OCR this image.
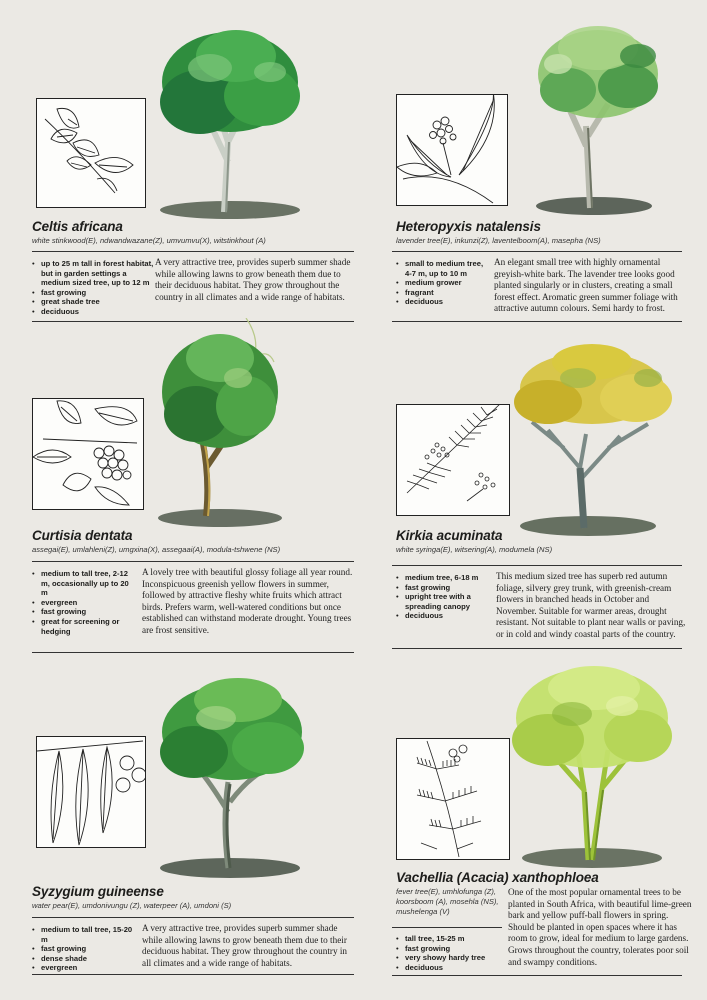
Celtis africana
white stinkwood(E), ndwandwazane(Z), umvumvu(X), witstinkhout (A)
• up to 25 m tall in forest habitat, but in garden settings a medium sized tree, up to 12 m
• fast growing
• great shade tree
• deciduous
A very attractive tree, provides superb summer shade while allowing lawns to grow beneath them due to their deciduous habitat. They grow throughout the country in all climates and a wide range of habitats.
Heteropyxis natalensis
lavender tree(E), inkunzi(Z), laventelboom(A), masepha (NS)
• small to medium tree, 4-7 m, up to 10 m
• medium grower
• fragrant
• deciduous
An elegant small tree with highly ornamental greyish-white bark. The lavender tree looks good planted singularly or in clusters, creating a small forest effect. Aromatic green summer foliage with attractive autumn colours. Semi hardy to frost.
Curtisia dentata
assegai(E), umlahleni(Z), umgxina(X), assegaai(A), modula-tshwene (NS)
• medium to tall tree, 2-12 m, occasionally up to 20 m
• evergreen
• fast growing
• great for screening or hedging
A lovely tree with beautiful glossy foliage all year round. Inconspicuous greenish yellow flowers in summer, followed by attractive fleshy white fruits which attract birds. Prefers warm, well-watered conditions but once established can withstand moderate drought. Young trees are frost sensitive.
Kirkia acuminata
white syringa(E), witsering(A), modumela (NS)
• medium tree, 6-18 m
• fast growing
• upright tree with a spreading canopy
• deciduous
This medium sized tree has superb red autumn foliage, silvery grey trunk, with greenish-cream flowers in branched heads in October and November. Suitable for warmer areas, drought resistant. Not suitable to plant near walls or paving, or in cold and windy coastal parts of the country.
Syzygium guineense
water pear(E), umdonivungu (Z), waterpeer (A), umdoni (S)
• medium to tall tree, 15-20 m
• fast growing
• dense shade
• evergreen
A very attractive tree, provides superb summer shade while allowing lawns to grow beneath them due to their deciduous habitat. They grow throughout the country in all climates and a wide range of habitats.
Vachellia (Acacia) xanthophloea
fever tree(E), umhlofunga (Z), koorsboom (A), mosehla (NS), mushelenga (V)
• tall tree, 15-25 m
• fast growing
• very showy hardy tree
• deciduous
One of the most popular ornamental trees to be planted in South Africa, with beautiful lime-green bark and yellow puff-ball flowers in spring. Should be planted in open spaces where it has room to grow, ideal for medium to large gardens. Grows throughout the country, tolerates poor soil and swampy conditions.
